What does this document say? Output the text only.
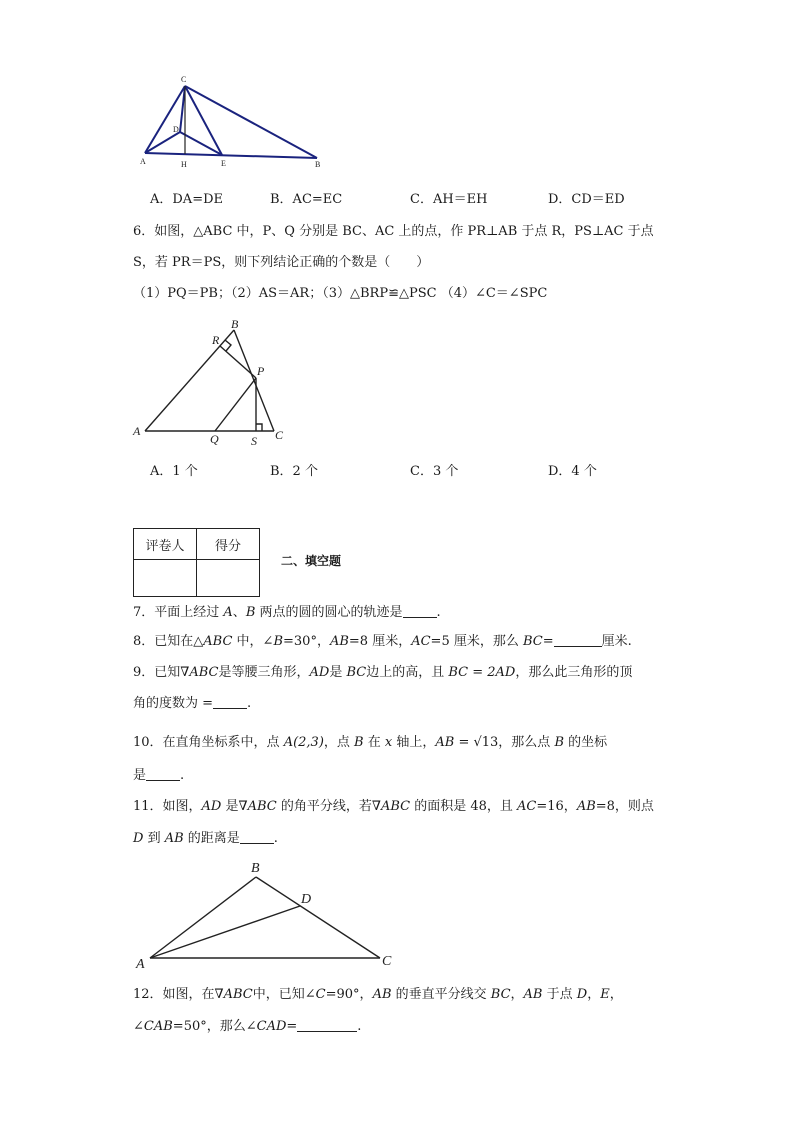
C
D
A	H	E	B
A．DA=DE	B．AC=EC	C．AH＝EH	D．CD＝ED
6．如图，△ABC 中，P、Q 分别是 BC、AC 上的点，作 PR⊥AB 于点 R，PS⊥AC 于点
S，若 PR＝PS，则下列结论正确的个数是（　　）
（1）PQ＝PB；（2）AS＝AR；（3）△BRP≌△PSC （4）∠C＝∠SPC
B
R
P
A
Q	S C
A．1 个	B．2 个	C．3 个	D．4 个
评卷人	得分

二、填空题
7．平面上经过 A、B 两点的圆的圆心的轨迹是	.
8．已知在△ABC 中，∠B=30°，AB=8 厘米，AC=5 厘米，那么 BC=	厘米.
9．已知∇ABC是等腰三角形，AD是 BC边上的高，且 BC = 2AD，那么此三角形的顶
角的度数为 =	.
10．在直角坐标系中，点 A(2,3)，点 B 在 x 轴上，AB = √13，那么点 B 的坐标
是	.
11．如图，AD 是∇ABC 的角平分线，若∇ABC 的面积是 48，且 AC=16，AB=8，则点
D 到 AB 的距离是	.
B
D
A	C
12．如图，在∇ABC中，已知∠C=90°，AB 的垂直平分线交 BC，AB 于点 D，E，
∠CAB=50°，那么∠CAD=	.
